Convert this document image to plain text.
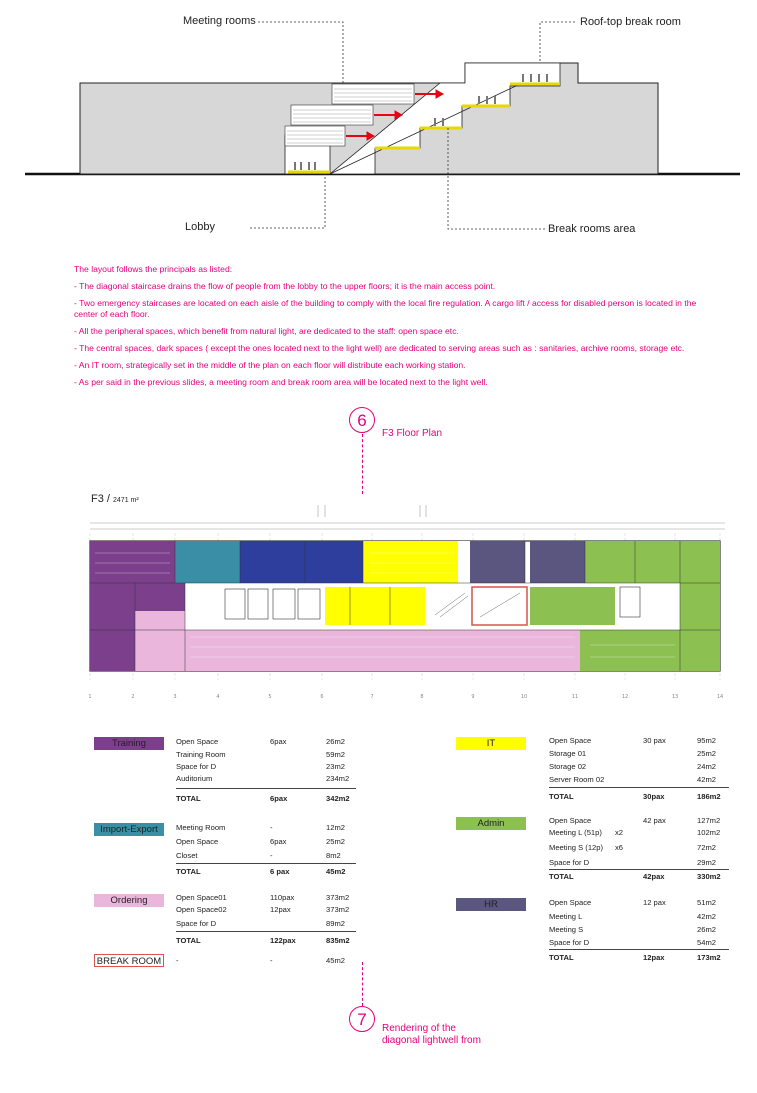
Meeting rooms	Roof-top break room
Lobby	Break rooms area

The layout follows the principals as listed:

- The diagonal staircase drains the flow of people from the lobby to the upper floors; it is the main access point.

- Two emergency staircases are located on each aisle of the building to comply with the local fire regulation. A cargo lift / access for disabled person is located in the center of each floor.

- All the peripheral spaces, which benefit from natural light, are dedicated to the staff: open space etc.

- The central spaces, dark spaces ( except the ones located next to the light well) are dedicated to serving areas such as : sanitaries, archive rooms, storage etc.

- An IT room, strategically set in the middle of the plan on each floor will distribute each working station.

- As per said in the previous slides, a meeting room and break room area will be located next to the light well.

6
F3 Floor Plan
F3 / 2471 m²
1	2	3	4	5	6	7	8	9	10	11	12	13	14
Training	Open Space	6pax	26m2
Training Room	59m2
Space for D	23m2
Auditorium	234m2
TOTAL	6pax	342m2
Import-Export	Meeting Room	-	12m2
Open Space	6pax	25m2
Closet	-	8m2
TOTAL	6 pax	45m2
Ordering	Open Space01	110pax	373m2
Open Space02	12pax	373m2
Space for D	89m2
TOTAL	122pax	835m2
BREAK ROOM	-	-	45m2
IT	Open Space	30 pax	95m2
Storage 01	25m2
Storage 02	24m2
Server Room 02	42m2
TOTAL	30pax	186m2
Admin	Open Space	42 pax	127m2
Meeting L (51p) x2	102m2
Meeting S (12p) x6	72m2
Space for D	29m2
TOTAL	42pax	330m2
HR	Open Space	12 pax	51m2
Meeting L	42m2
Meeting S	26m2
Space for D	54m2
TOTAL	12pax	173m2
7	Rendering of the diagonal lightwell from
